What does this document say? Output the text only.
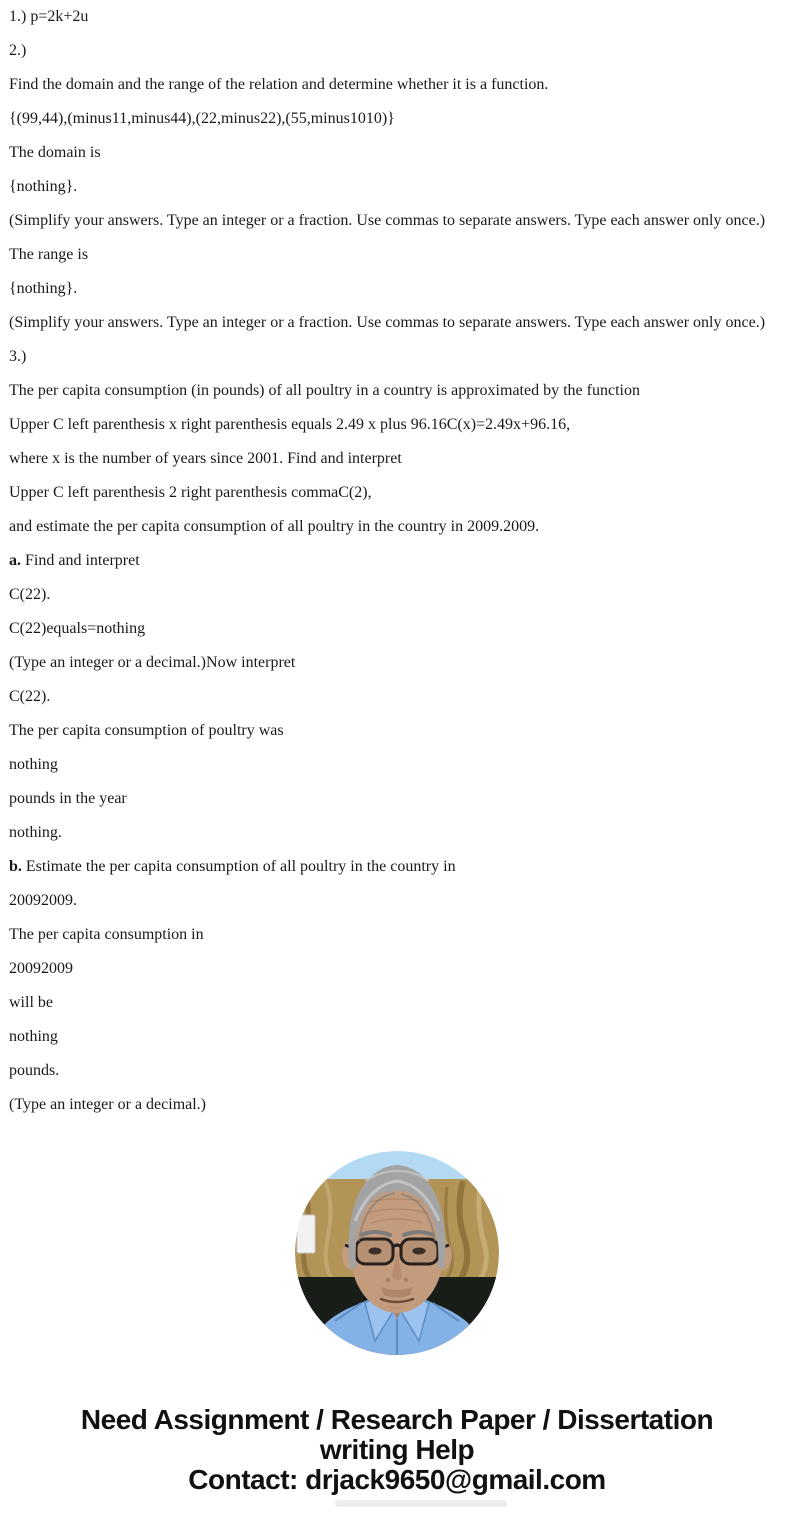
1.) p=2k+2u

2.)

Find the domain and the range of the relation and determine whether it is a function.

{(99,44),(minus11,minus44),(22,minus22),(55,minus1010)}

The domain is

{nothing}.

(Simplify your answers. Type an integer or a fraction. Use commas to separate answers. Type each answer only once.)

The range is

{nothing}.

(Simplify your answers. Type an integer or a fraction. Use commas to separate answers. Type each answer only once.)

3.)

The per capita consumption (in pounds) of all poultry in a country is approximated by the function

Upper C left parenthesis x right parenthesis equals 2.49 x plus 96.16C(x)=2.49x+96.16,

where x is the number of years since 2001. Find and interpret

Upper C left parenthesis 2 right parenthesis commaC(2),

and estimate the per capita consumption of all poultry in the country in 2009.2009.

a. Find and interpret

C(22).

C(22)equals=nothing

(Type an integer or a decimal.)Now interpret

C(22).

The per capita consumption of poultry was

nothing

pounds in the year

nothing.

b. Estimate the per capita consumption of all poultry in the country in

20092009.

The per capita consumption in

20092009

will be

nothing

pounds.

(Type an integer or a decimal.)

Need Assignment / Research Paper / Dissertation
writing Help
Contact: drjack9650@gmail.com
